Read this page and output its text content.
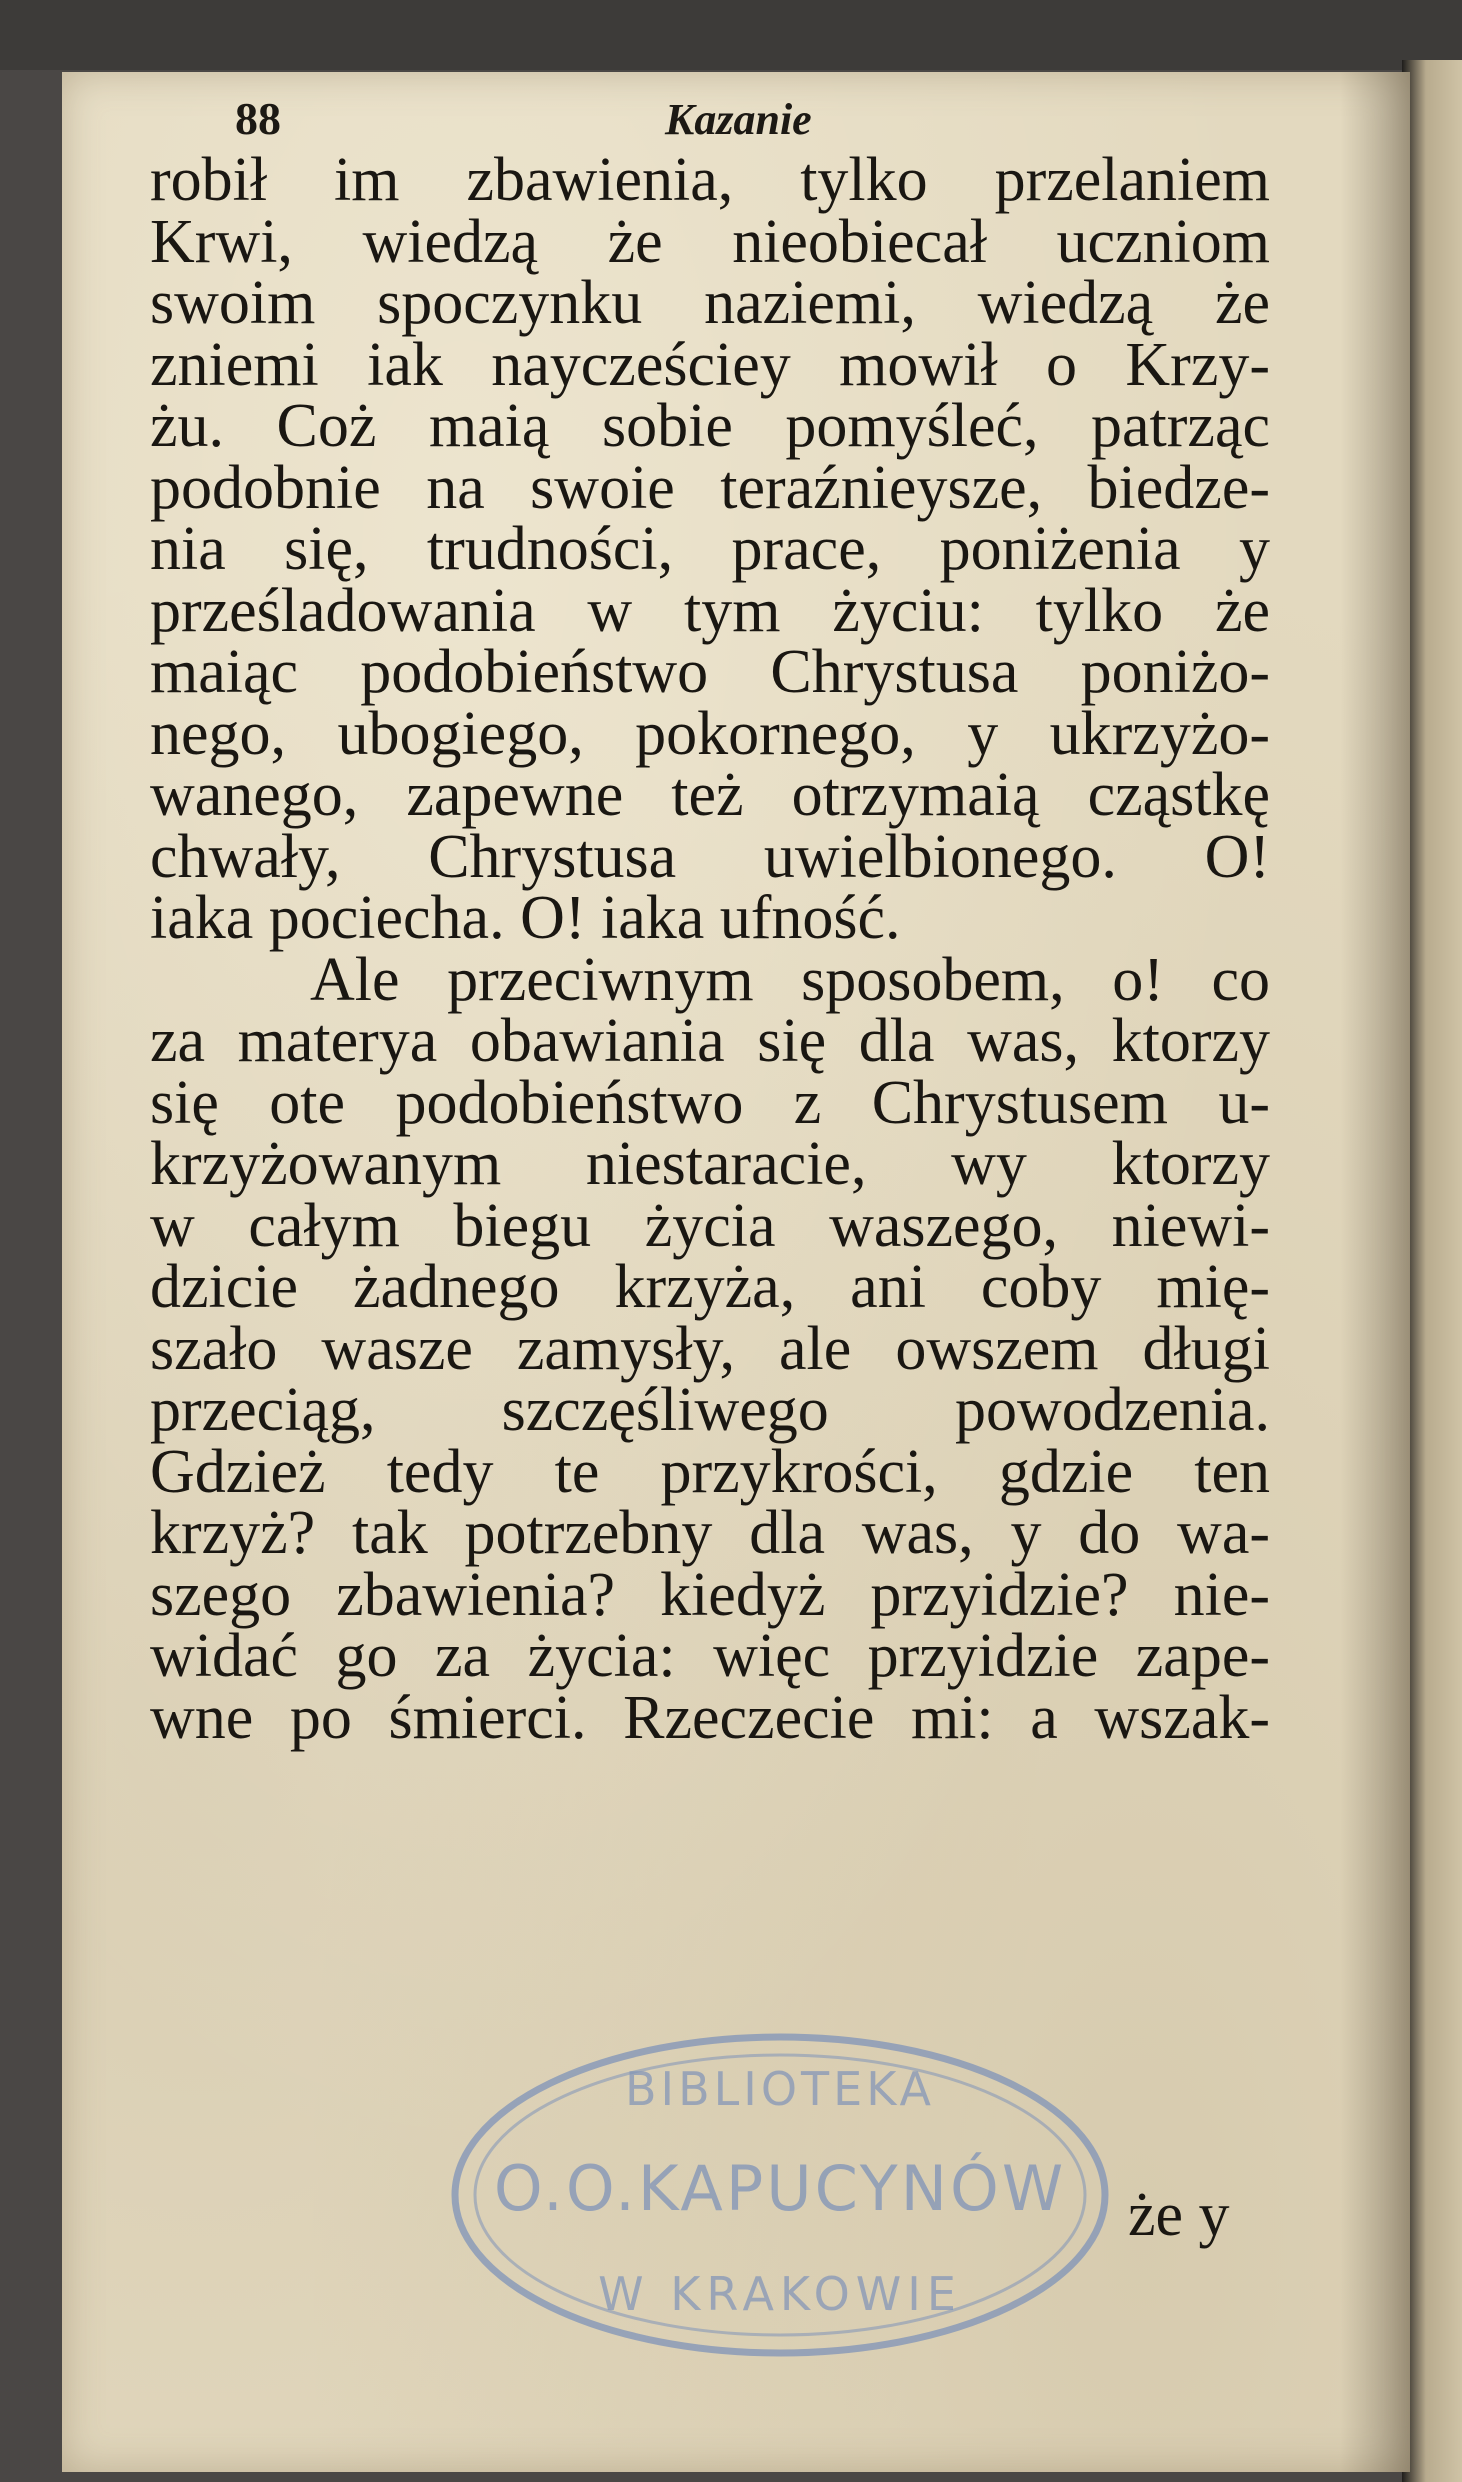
88	Kazanie
robił im zbawienia, tylko przelaniem
Krwi, wiedzą że nieobiecał uczniom
swoim spoczynku naziemi, wiedzą że
zniemi iak naycześciey mowił o Krzy-
żu. Coż maią sobie pomyśleć, patrząc
podobnie na swoie teraźnieysze, biedze-
nia się, trudności, prace, poniżenia y
prześladowania w tym życiu: tylko że
maiąc podobieństwo Chrystusa poniżo-
nego, ubogiego, pokornego, y ukrzyżo-
wanego, zapewne też otrzymaią cząstkę
chwały, Chrystusa uwielbionego. O!
iaka pociecha. O! iaka ufność.
Ale przeciwnym sposobem, o! co
za materya obawiania się dla was, ktorzy
się ote podobieństwo z Chrystusem u-
krzyżowanym niestaracie, wy ktorzy
w całym biegu życia waszego, niewi-
dzicie żadnego krzyża, ani coby mię-
szało wasze zamysły, ale owszem długi
przeciąg, szczęśliwego powodzenia.
Gdzież tedy te przykrości, gdzie ten
krzyż? tak potrzebny dla was, y do wa-
szego zbawienia? kiedyż przyidzie? nie-
widać go za życia: więc przyidzie zape-
wne po śmierci. Rzeczecie mi: a wszak-
że y
BIBLIOTEKA
O.O.KAPUCYNÓW
W KRAKOWIE
